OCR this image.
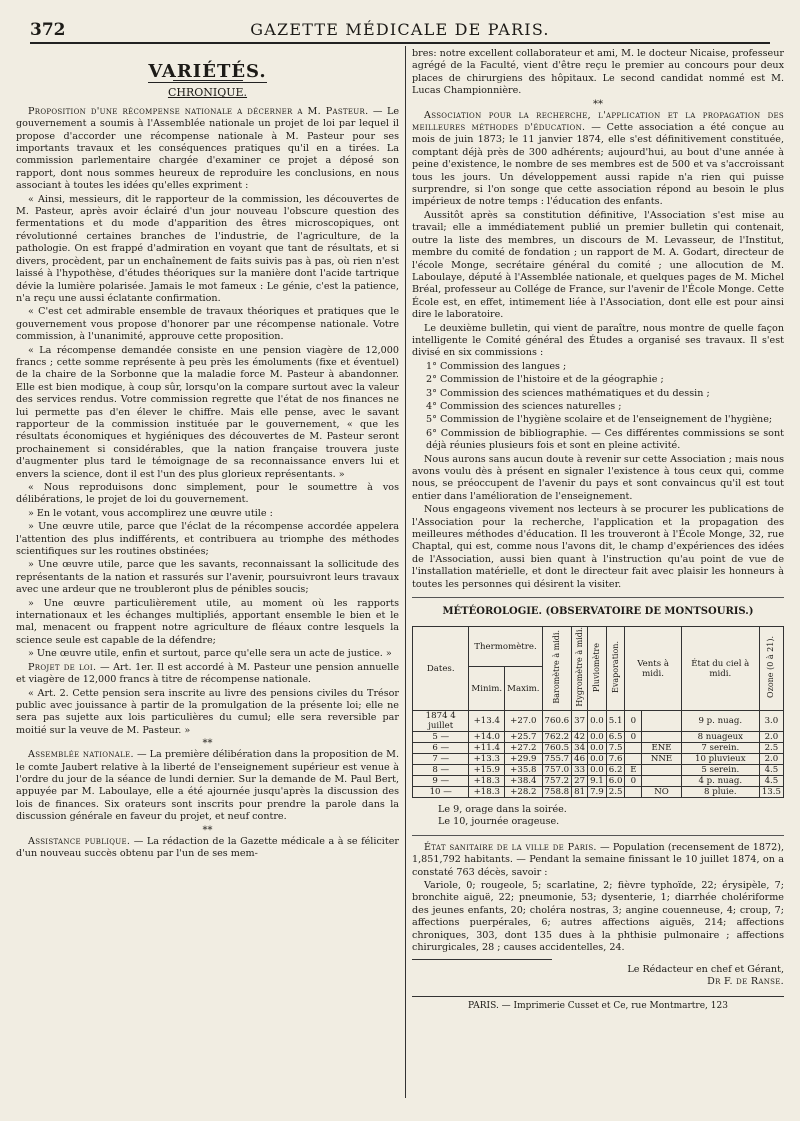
372	GAZETTE MÉDICALE DE PARIS.
VARIÉTÉS.
CHRONIQUE.

Proposition d'une récompense nationale a décerner a M. Pasteur. — Le gouvernement a soumis à l'Assemblée nationale un projet de loi par lequel il propose d'accorder une récompense nationale à M. Pasteur pour ses importants travaux et les conséquences pratiques qu'il en a tirées. La commission parlementaire chargée d'examiner ce projet a déposé son rapport, dont nous sommes heureux de reproduire les conclusions, en nous associant à toutes les idées qu'elles expriment :

« Ainsi, messieurs, dit le rapporteur de la commission, les découvertes de M. Pasteur, après avoir éclairé d'un jour nouveau l'obscure question des fermentations et du mode d'apparition des êtres microscopiques, ont révolutionné certaines branches de l'industrie, de l'agriculture, de la pathologie. On est frappé d'admiration en voyant que tant de résultats, et si divers, procèdent, par un enchaînement de faits suivis pas à pas, où rien n'est laissé à l'hypothèse, d'études théoriques sur la manière dont l'acide tartrique dévie la lumière polarisée. Jamais le mot fameux : Le génie, c'est la patience, n'a reçu une aussi éclatante confirmation.

« C'est cet admirable ensemble de travaux théoriques et pratiques que le gouvernement vous propose d'honorer par une récompense nationale. Votre commission, à l'unanimité, approuve cette proposition.

« La récompense demandée consiste en une pension viagère de 12,000 francs ; cette somme représente à peu près les émoluments (fixe et éventuel) de la chaire de la Sorbonne que la maladie force M. Pasteur à abandonner. Elle est bien modique, à coup sûr, lorsqu'on la compare surtout avec la valeur des services rendus. Votre commission regrette que l'état de nos finances ne lui permette pas d'en élever le chiffre. Mais elle pense, avec le savant rapporteur de la commission instituée par le gouvernement, « que les résultats économiques et hygiéniques des découvertes de M. Pasteur seront prochainement si considérables, que la nation française trouvera juste d'augmenter plus tard le témoignage de sa reconnaissance envers lui et envers la science, dont il est l'un des plus glorieux représentants. »

« Nous reproduisons donc simplement, pour le soumettre à vos délibérations, le projet de loi du gouvernement.

» En le votant, vous accomplirez une œuvre utile :

» Une œuvre utile, parce que l'éclat de la récompense accordée appelera l'attention des plus indifférents, et contribuera au triomphe des méthodes scientifiques sur les routines obstinées;

» Une œuvre utile, parce que les savants, reconnaissant la sollicitude des représentants de la nation et rassurés sur l'avenir, poursuivront leurs travaux avec une ardeur que ne troubleront plus de pénibles soucis;

» Une œuvre particulièrement utile, au moment où les rapports internationaux et les échanges multipliés, apportant ensemble le bien et le mal, menacent ou frappent notre agriculture de fléaux contre lesquels la science seule est capable de la défendre;

» Une œuvre utile, enfin et surtout, parce qu'elle sera un acte de justice. »

Projet de loi. — Art. 1er. Il est accordé à M. Pasteur une pension annuelle et viagère de 12,000 francs à titre de récompense nationale.

« Art. 2. Cette pension sera inscrite au livre des pensions civiles du Trésor public avec jouissance à partir de la promulgation de la présente loi; elle ne sera pas sujette aux lois particulières du cumul; elle sera reversible par moitié sur la veuve de M. Pasteur. »

**

Assemblée nationale. — La première délibération dans la proposition de M. le comte Jaubert relative à la liberté de l'enseignement supérieur est venue à l'ordre du jour de la séance de lundi dernier. Sur la demande de M. Paul Bert, appuyée par M. Laboulaye, elle a été ajournée jusqu'après la discussion des lois de finances. Six orateurs sont inscrits pour prendre la parole dans la discussion générale en faveur du projet, et neuf contre.

**

Assistance publique. — La rédaction de la Gazette médicale a à se féliciter d'un nouveau succès obtenu par l'un de ses mem-

bres: notre excellent collaborateur et ami, M. le docteur Nicaise, professeur agrégé de la Faculté, vient d'être reçu le premier au concours pour deux places de chirurgiens des hôpitaux. Le second candidat nommé est M. Lucas Championnière.

**

Association pour la recherche, l'application et la propagation des meilleures méthodes d'éducation. — Cette association a été conçue au mois de juin 1873; le 11 janvier 1874, elle s'est définitivement constituée, comptant déjà près de 300 adhérents; aujourd'hui, au bout d'une année à peine d'existence, le nombre de ses membres est de 500 et va s'accroissant tous les jours. Un développement aussi rapide n'a rien qui puisse surprendre, si l'on songe que cette association répond au besoin le plus impérieux de notre temps : l'éducation des enfants.

Aussitôt après sa constitution définitive, l'Association s'est mise au travail; elle a immédiatement publié un premier bulletin qui contenait, outre la liste des membres, un discours de M. Levasseur, de l'Institut, membre du comité de fondation ; un rapport de M. A. Godart, directeur de l'école Monge, secrétaire général du comité ; une allocution de M. Laboulaye, député à l'Assemblée nationale, et quelques pages de M. Michel Bréal, professeur au Collége de France, sur l'avenir de l'École Monge. Cette École est, en effet, intimement liée à l'Association, dont elle est pour ainsi dire le laboratoire.

Le deuxième bulletin, qui vient de paraître, nous montre de quelle façon intelligente le Comité général des Études a organisé ses travaux. Il s'est divisé en six commissions :

1° Commission des langues ;

2° Commission de l'histoire et de la géographie ;

3° Commission des sciences mathématiques et du dessin ;

4° Commission des sciences naturelles ;

5° Commission de l'hygiène scolaire et de l'enseignement de l'hygiène;

6° Commission de bibliographie. — Ces différentes commissions se sont déjà réunies plusieurs fois et sont en pleine activité.

Nous aurons sans aucun doute à revenir sur cette Association ; mais nous avons voulu dès à présent en signaler l'existence à tous ceux qui, comme nous, se préoccupent de l'avenir du pays et sont convaincus qu'il est tout entier dans l'amélioration de l'enseignement.

Nous engageons vivement nos lecteurs à se procurer les publications de l'Association pour la recherche, l'application et la propagation des meilleures méthodes d'éducation. Il les trouveront à l'École Monge, 32, rue Chaptal, qui est, comme nous l'avons dit, le champ d'expériences des idées de l'Association, aussi bien quant à l'instruction qu'au point de vue de l'installation matérielle, et dont le directeur fait avec plaisir les honneurs à toutes les personnes qui désirent la visiter.

MÉTÉOROLOGIE. (OBSERVATOIRE DE MONTSOURIS.)
Dates.	Thermomètre.		Baromètre à midi.	Hygromètre à midi.	Pluviomètre	Évaporation.	Vents à midi.		État du ciel à midi.	Ozone (0 à 21).
	Minim.	Maxim.								
1874 4 juillet	+13.4	+27.0	760.6	37	0.0	5.1	0		9 p. nuag.	3.0
5 —	+14.0	+25.7	762.2	42	0.0	6.5	0		8 nuageux	2.0
6 —	+11.4	+27.2	760.5	34	0.0	7.5		ENE	7 serein.	2.5
7 —	+13.3	+29.9	755.7	46	0.0	7.6		NNE	10 pluvieux	2.0
8 —	+15.9	+35.8	757.0	33	0.0	6.2	E		5 serein.	4.5
9 —	+18.3	+38.4	757.2	27	9.1	6.0	0		4 p. nuag.	4.5
10 —	+18.3	+28.2	758.8	81	7.9	2.5		NO	8 pluie.	13.5

Le 9, orage dans la soirée.

Le 10, journée orageuse.

État sanitaire de la ville de Paris. — Population (recensement de 1872), 1,851,792 habitants. — Pendant la semaine finissant le 10 juillet 1874, on a constaté 763 décès, savoir :

Variole, 0; rougeole, 5; scarlatine, 2; fièvre typhoïde, 22; érysipèle, 7; bronchite aiguë, 22; pneumonie, 53; dysenterie, 1; diarrhée cholériforme des jeunes enfants, 20; choléra nostras, 3; angine couenneuse, 4; croup, 7; affections puerpérales, 6; autres affections aiguës, 214; affections chroniques, 303, dont 135 dues à la phthisie pulmonaire ; affections chirurgicales, 28 ; causes accidentelles, 24.

Le Rédacteur en chef et Gérant,

Dr F. de Ranse.

PARIS. — Imprimerie Cusset et Ce, rue Montmartre, 123
